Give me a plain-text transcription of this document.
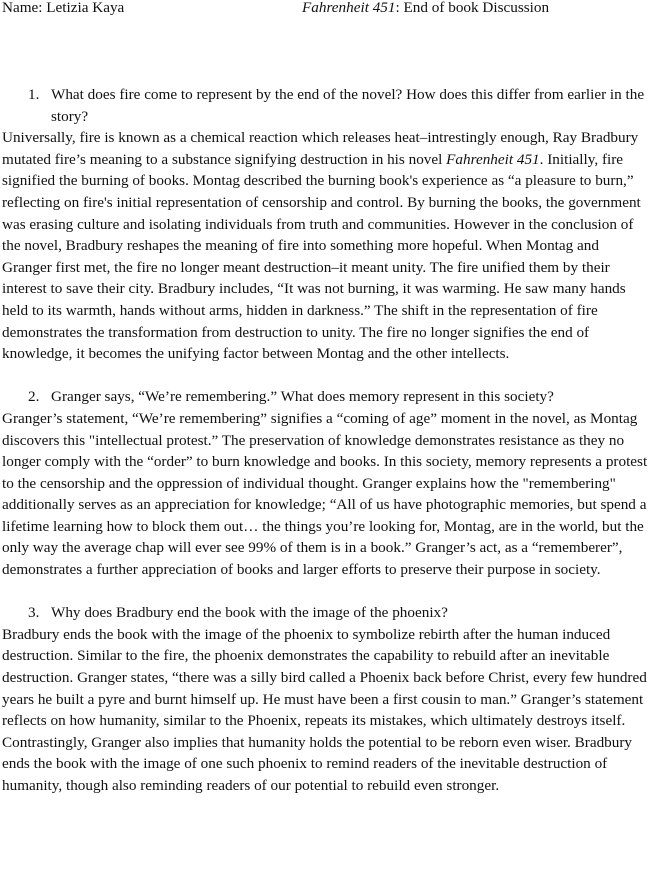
Name: Letizia Kaya	Fahrenheit 451: End of book Discussion
1. What does fire come to represent by the end of the novel? How does this differ from earlier in the story?

Universally, fire is known as a chemical reaction which releases heat–intrestingly enough, Ray Bradbury mutated fire’s meaning to a substance signifying destruction in his novel Fahrenheit 451. Initially, fire signified the burning of books. Montag described the burning book's experience as “a pleasure to burn,” reflecting on fire's initial representation of censorship and control. By burning the books, the government was erasing culture and isolating individuals from truth and communities. However in the conclusion of the novel, Bradbury reshapes the meaning of fire into something more hopeful. When Montag and Granger first met, the fire no longer meant destruction–it meant unity. The fire unified them by their interest to save their city. Bradbury includes, “It was not burning, it was warming. He saw many hands held to its warmth, hands without arms, hidden in darkness.” The shift in the representation of fire demonstrates the transformation from destruction to unity. The fire no longer signifies the end of knowledge, it becomes the unifying factor between Montag and the other intellects.

2. Granger says, “We’re remembering.” What does memory represent in this society?

Granger’s statement, “We’re remembering” signifies a “coming of age” moment in the novel, as Montag discovers this "intellectual protest.” The preservation of knowledge demonstrates resistance as they no longer comply with the “order” to burn knowledge and books. In this society, memory represents a protest to the censorship and the oppression of individual thought. Granger explains how the "remembering" additionally serves as an appreciation for knowledge; “All of us have photographic memories, but spend a lifetime learning how to block them out… the things you’re looking for, Montag, are in the world, but the only way the average chap will ever see 99% of them is in a book.” Granger’s act, as a “rememberer”, demonstrates a further appreciation of books and larger efforts to preserve their purpose in society.

3. Why does Bradbury end the book with the image of the phoenix?

Bradbury ends the book with the image of the phoenix to symbolize rebirth after the human induced destruction. Similar to the fire, the phoenix demonstrates the capability to rebuild after an inevitable destruction. Granger states, “there was a silly bird called a Phoenix back before Christ, every few hundred years he built a pyre and burnt himself up. He must have been a first cousin to man.” Granger’s statement reflects on how humanity, similar to the Phoenix, repeats its mistakes, which ultimately destroys itself. Contrastingly, Granger also implies that humanity holds the potential to be reborn even wiser. Bradbury ends the book with the image of one such phoenix to remind readers of the inevitable destruction of humanity, though also reminding readers of our potential to rebuild even stronger.
